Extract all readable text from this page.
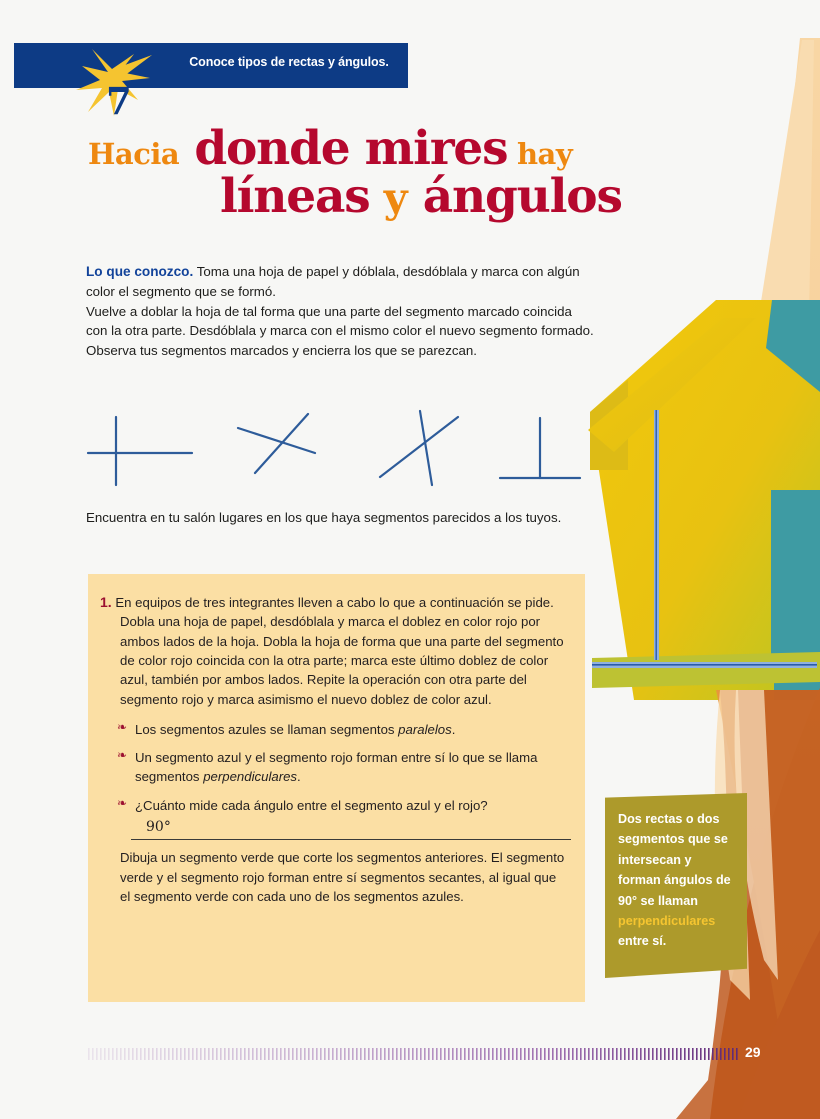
Conoce tipos de rectas y ángulos.
7
Hacia donde mires hay
líneas y ángulos

Lo que conozco. Toma una hoja de papel y dóblala, desdóblala y marca con algún color el segmento que se formó.

Vuelve a doblar la hoja de tal forma que una parte del segmento marcado coincida con la otra parte. Desdóblala y marca con el mismo color el nuevo segmento formado.

Observa tus segmentos marcados y encierra los que se parezcan.

Encuentra en tu salón lugares en los que haya segmentos parecidos a los tuyos.
1. En equipos de tres integrantes lleven a cabo lo que a continuación se pide.
Dobla una hoja de papel, desdóblala y marca el doblez en color rojo por ambos lados de la hoja. Dobla la hoja de forma que una parte del segmento de color rojo coincida con la otra parte; marca este último doblez de color azul, también por ambos lados. Repite la operación con otra parte del segmento rojo y marca asimismo el nuevo doblez de color azul.
❧ Los segmentos azules se llaman segmentos paralelos.
❧ Un segmento azul y el segmento rojo forman entre sí lo que se llama segmentos perpendiculares.
❧ ¿Cuánto mide cada ángulo entre el segmento azul y el rojo?
90°
Dibuja un segmento verde que corte los segmentos anteriores. El segmento verde y el segmento rojo forman entre sí segmentos secantes, al igual que el segmento verde con cada uno de los segmentos azules.
Dos rectas o dos segmentos que se intersecan y forman ángulos de 90° se llaman perpendiculares entre sí.
29
